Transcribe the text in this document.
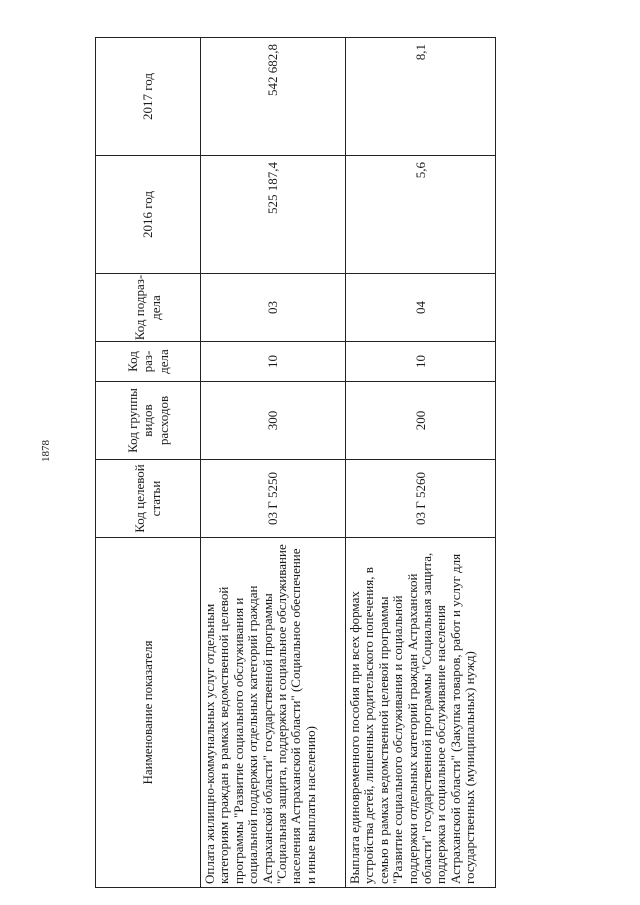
1878
Наименование показателя	Код целевой статьи	Код группы видов расходов	Код раз- дела	Код подраз- дела	2016 год	2017 год
Оплата жилищно-коммунальных услуг отдельным категориям граждан в рамках ведомственной целевой программы "Развитие социального обслуживания и социальной поддержки отдельных категорий граждан Астраханской области" государственной программы "Социальная защита, поддержка и социальное обслуживание населения Астраханской области" (Социальное обеспечение и иные выплаты населению)	03 Г 5250	300	10	03	525 187,4	542 682,8
Выплата единовременного пособия при всех формах устройства детей, лишенных родительского попечения, в семью в рамках ведомственной целевой программы "Развитие социального обслуживания и социальной поддержки отдельных категорий граждан Астраханской области" государственной программы "Социальная защита, поддержка и социальное обслуживание населения Астраханской области" (Закупка товаров, работ и услуг для государственных (муниципальных) нужд)	03 Г 5260	200	10	04	5,6	8,1
